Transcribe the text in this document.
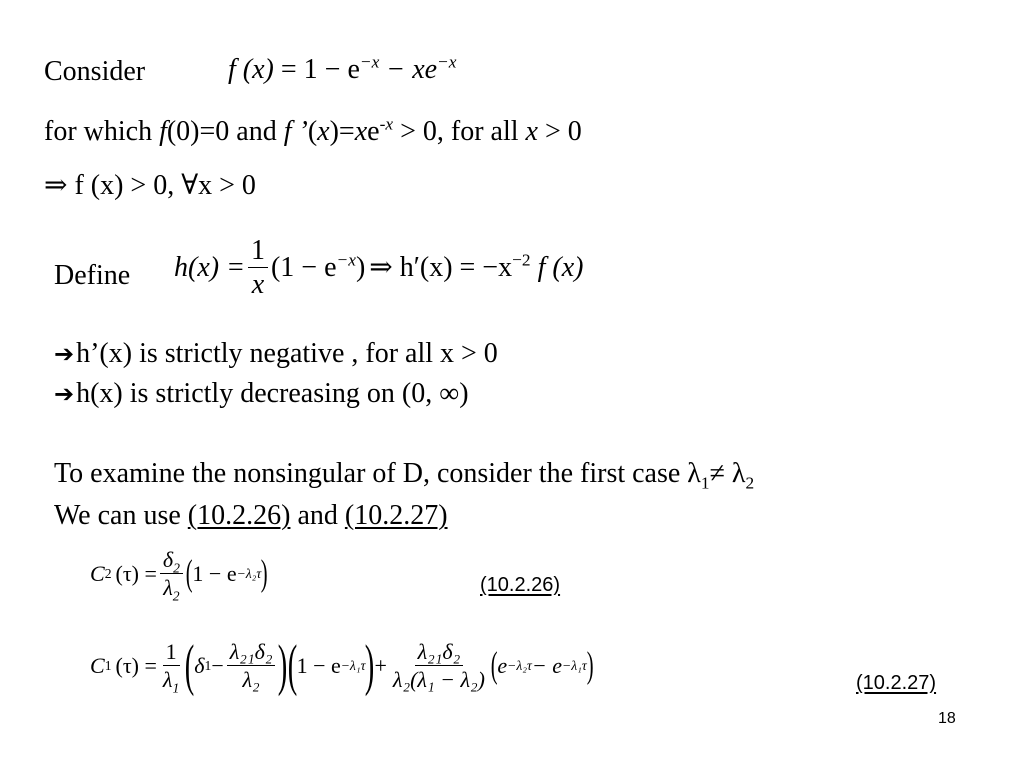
Consider	f $(x) = 1 - e^{-x} - xe^{-x}$
for which f(0)=0 and f $’(x)=xe^{-x} > 0$, for all x > 0
⇒ f (x) > 0, ∀x > 0
Define $h(x) = \frac{1}{x} (1 - e^{-x})$ ⇒ $h'(x) = -x^{-2}$ f (x)
➔h’(x) is strictly negative , for all x > 0
➔h(x) is strictly decreasing on (0, ∞)
To examine the nonsingular of D, consider the first case $\lambda_1\ne \lambda_2$
We can use (10.2.26) and (10.2.27)
C 2 $(\tau) = \frac{\delta_2}{\lambda_2}$ ( 1 − e −λ₂τ )	(10.2.26)
C 1 $(\tau) = \frac{1}{\lambda_1}$ ( δ $1 - \frac{\text{λ₂₁δ₂}}{\text{λ₂}}$ ) ( 1 − e −λ₁τ ) + $\frac{\text{λ₂₁δ₂}}{\text{λ₂(λ₁ − λ₂)}}$ ( e −λ₂τ − e −λ₁τ )	(10.2.27)
18
